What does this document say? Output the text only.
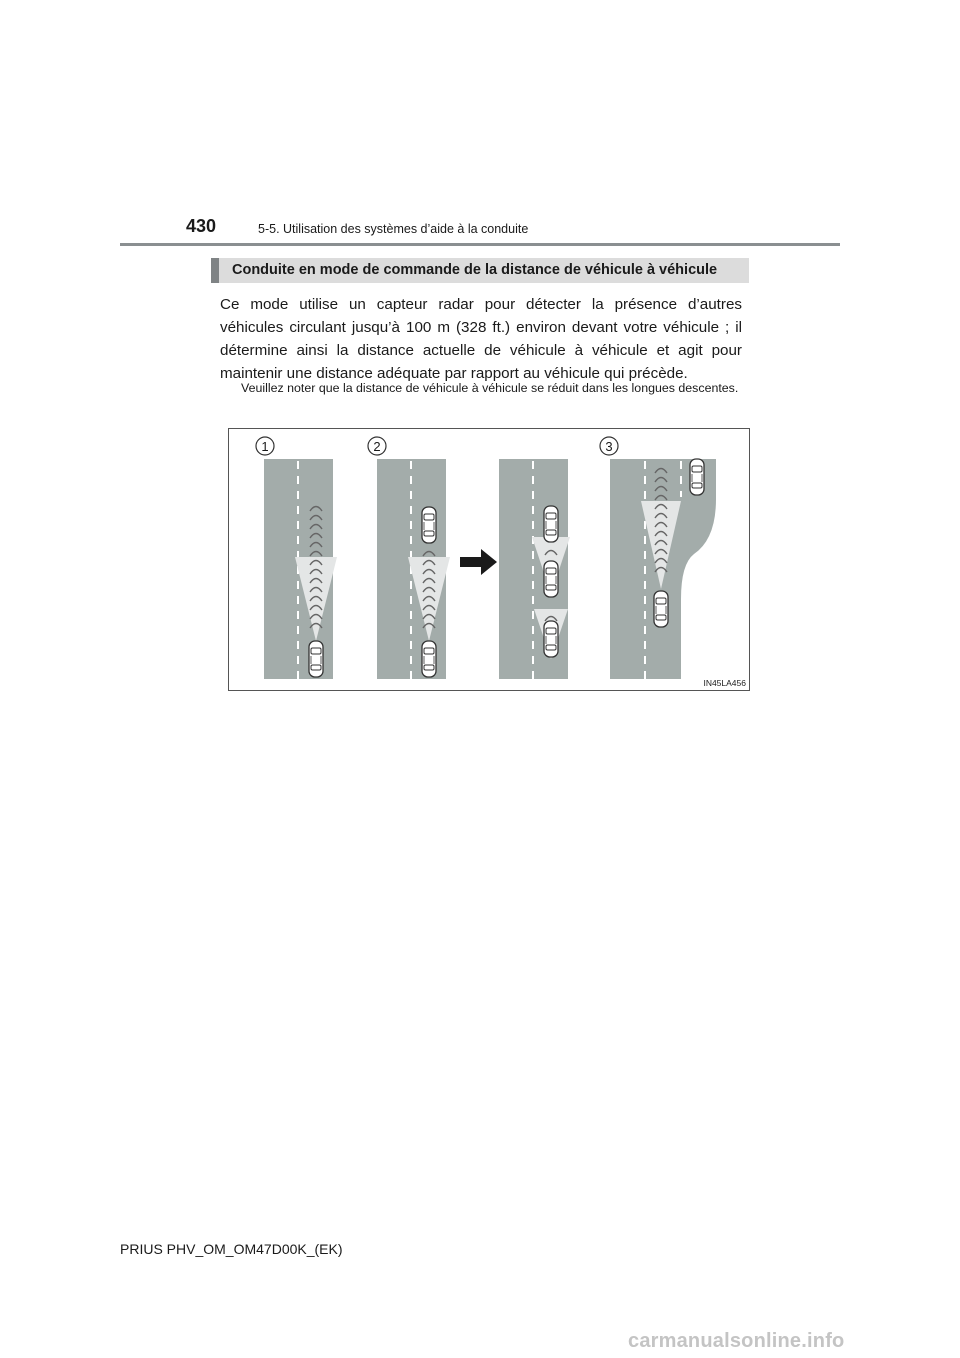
430	5-5. Utilisation des systèmes d’aide à la conduite
Conduite en mode de commande de la distance de véhicule à véhicule

Ce mode utilise un capteur radar pour détecter la présence d’autres véhicules circulant jusqu’à 100 m (328 ft.) environ devant votre véhicule ; il détermine ainsi la distance actuelle de véhicule à véhicule et agit pour maintenir une distance adéquate par rapport au véhicule qui précède.

Veuillez noter que la distance de véhicule à véhicule se réduit dans les longues descentes.

1	2	3
IN45LA456
PRIUS PHV_OM_OM47D00K_(EK)
carmanualsonline.info
